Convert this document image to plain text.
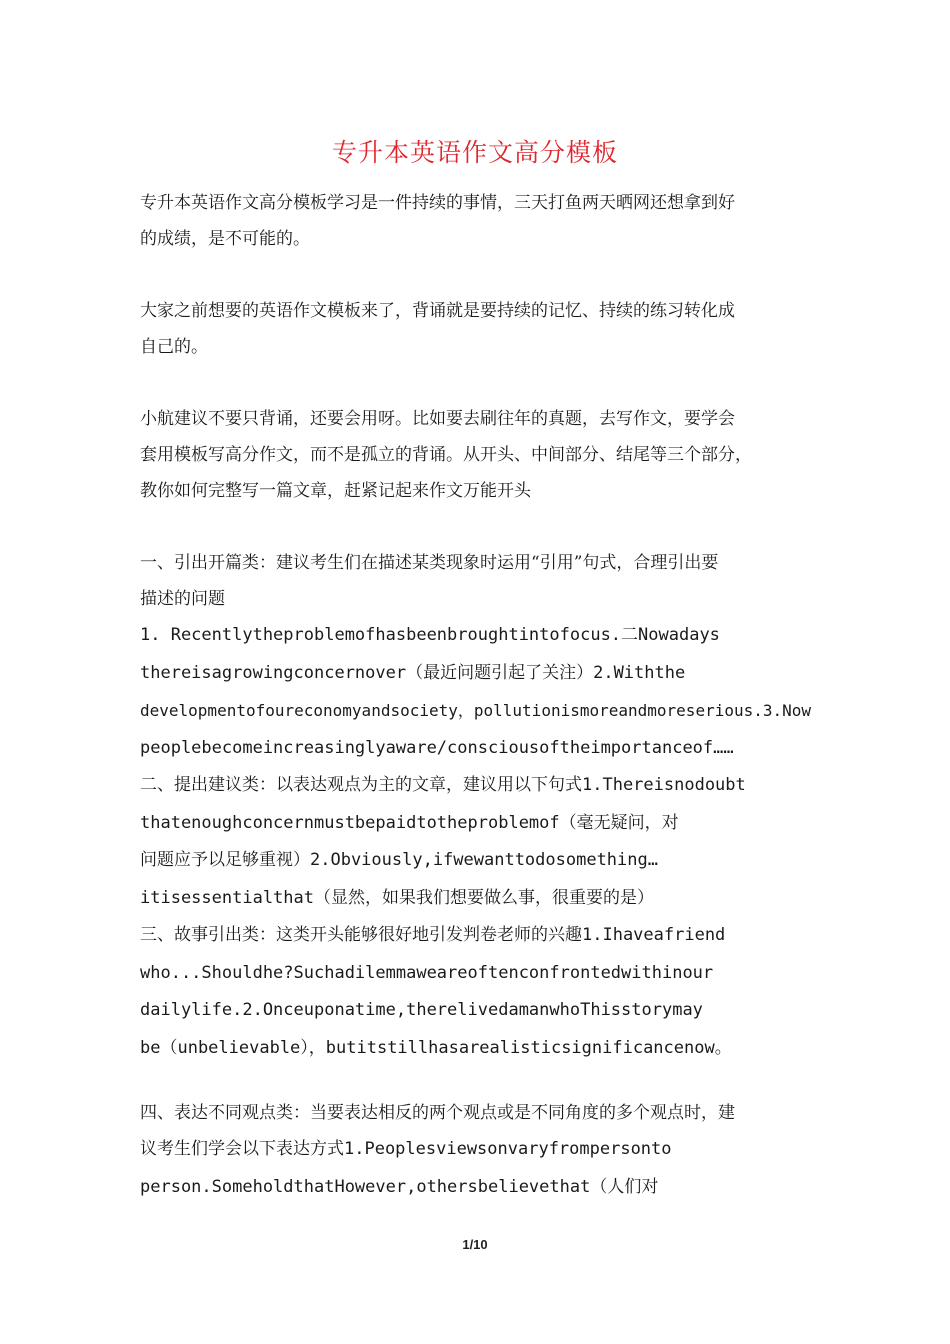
专升本英语作文高分模板

专升本英语作文高分模板学习是一件持续的事情，三天打鱼两天晒网还想拿到好

的成绩，是不可能的。

大家之前想要的英语作文模板来了，背诵就是要持续的记忆、持续的练习转化成

自己的。

小航建议不要只背诵，还要会用呀。比如要去刷往年的真题，去写作文，要学会

套用模板写高分作文，而不是孤立的背诵。从开头、中间部分、结尾等三个部分，

教你如何完整写一篇文章，赶紧记起来作文万能开头

一、引出开篇类：建议考生们在描述某类现象时运用“引用”句式，合理引出要

描述的问题

1. Recentlytheproblemofhasbeenbroughtintofocus.二Nowadays

thereisagrowingconcernover（最近问题引起了关注）2.Withthe

developmentofoureconomyandsociety，pollutionismoreandmoreserious.3.Now

peoplebecomeincreasinglyaware/consciousoftheimportanceof……

二、提出建议类：以表达观点为主的文章，建议用以下句式1.Thereisnodoubt

thatenoughconcernmustbepaidtotheproblemof（毫无疑问，对

问题应予以足够重视）2.Obviously,ifwewanttodosomething…

itisessentialthat（显然，如果我们想要做么事，很重要的是）

三、故事引出类：这类开头能够很好地引发判卷老师的兴趣1.Ihaveafriend

who...Shouldhe?Suchadilemmaweareoftenconfrontedwithinour

dailylife.2.Onceuponatime,therelivedamanwhoThisstorymay

be（unbelievable），butitstillhasarealisticsignificancenow。

四、表达不同观点类：当要表达相反的两个观点或是不同角度的多个观点时，建

议考生们学会以下表达方式1.Peoplesviewsonvaryfrompersonto

person.SomeholdthatHowever,othersbelievethat（人们对

1/10
